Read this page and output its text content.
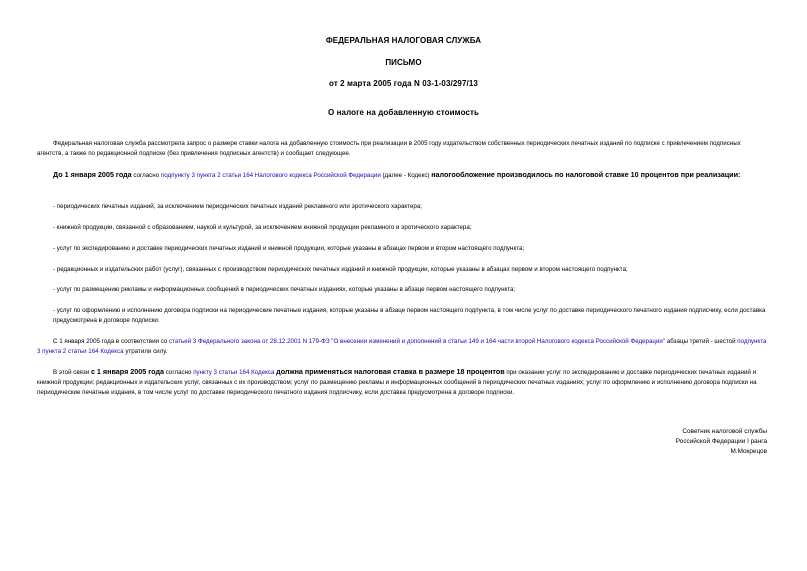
ФЕДЕРАЛЬНАЯ НАЛОГОВАЯ СЛУЖБА
ПИСЬМО
от 2 марта 2005 года N 03-1-03/297/13
О налоге на добавленную стоимость
Федеральная налоговая служба рассмотрела запрос о размере ставки налога на добавленную стоимость при реализации в 2005 году издательством собственных периодических печатных изданий по подписке с привлечением подписных агентств, а также по редакционной подписке (без привлечения подписных агентств) и сообщает следующее.
До 1 января 2005 года согласно подпункту 3 пункта 2 статьи 164 Налогового кодекса Российской Федерации (далее - Кодекс) налогообложение производилось по налоговой ставке 10 процентов при реализации:
- периодических печатных изданий, за исключением периодических печатных изданий рекламного или эротического характера;
- книжной продукции, связанной с образованием, наукой и культурой, за исключением книжной продукции рекламного и эротического характера;
- услуг по экспедированию и доставке периодических печатных изданий и книжной продукции, которые указаны в абзацах первом и втором настоящего подпункта;
- редакционных и издательских работ (услуг), связанных с производством периодических печатных изданий и книжной продукции, которые указаны в абзацах первом и втором настоящего подпункта;
- услуг по размещению рекламы и информационных сообщений в периодических печатных изданиях, которые указаны в абзаце первом настоящего подпункта;
- услуг по оформлению и исполнению договора подписки на периодические печатные издания, которые указаны в абзаце первом настоящего подпункта, в том числе услуг по доставке периодического печатного издания подписчику, если доставка предусмотрена в договоре подписки.
С 1 января 2005 года в соответствии со статьей 3 Федерального закона от 28.12.2001 N 179-ФЗ "О внесении изменений и дополнений в статьи 149 и 164 части второй Налогового кодекса Российской Федерации" абзацы третий - шестой подпункта 3 пункта 2 статьи 164 Кодекса утратили силу.
В этой связи с 1 января 2005 года согласно пункту 3 статьи 164 Кодекса должна применяться налоговая ставка в размере 18 процентов при оказании услуг по экспедированию и доставке периодических печатных изданий и книжной продукции; редакционных и издательских услуг, связанных с их производством; услуг по размещению рекламы и информационных сообщений в периодических печатных изданиях; услуг по оформлению и исполнению договора подписки на периодические печатные издания, в том числе услуг по доставке периодического печатного издания подписчику, если доставка предусмотрена в договоре подписки.
Советник налоговой службы
Российской Федерации I ранга
М.Мокрецов
